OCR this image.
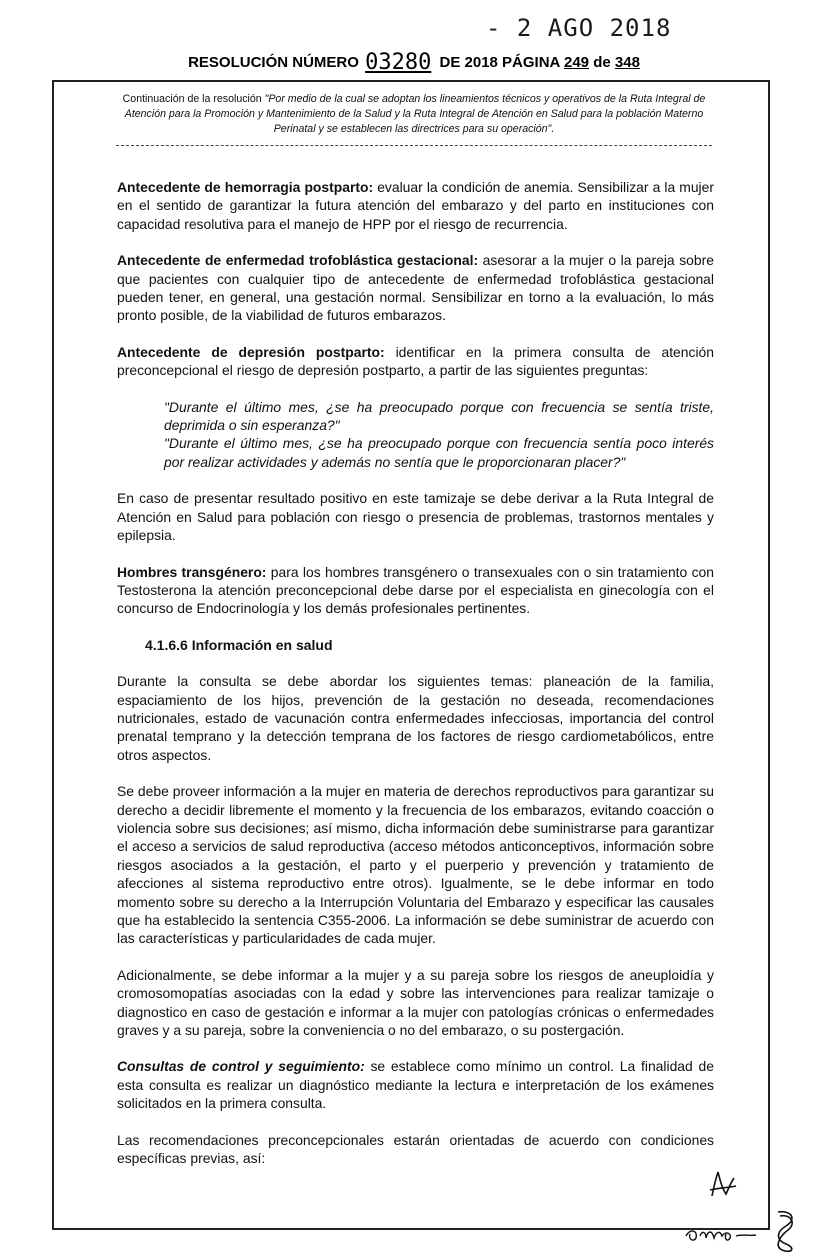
- 2 AGO 2018
RESOLUCIÓN NÚMERO 03280 DE 2018 PÁGINA 249 de 348
Continuación de la resolución "Por medio de la cual se adoptan los lineamientos técnicos y operativos de la Ruta Integral de Atención para la Promoción y Mantenimiento de la Salud y la Ruta Integral de Atención en Salud para la población Materno Perinatal y se establecen las directrices para su operación".

Antecedente de hemorragia postparto: evaluar la condición de anemia. Sensibilizar a la mujer en el sentido de garantizar la futura atención del embarazo y del parto en instituciones con capacidad resolutiva para el manejo de HPP por el riesgo de recurrencia.

Antecedente de enfermedad trofoblástica gestacional: asesorar a la mujer o la pareja sobre que pacientes con cualquier tipo de antecedente de enfermedad trofoblástica gestacional pueden tener, en general, una gestación normal. Sensibilizar en torno a la evaluación, lo más pronto posible, de la viabilidad de futuros embarazos.

Antecedente de depresión postparto: identificar en la primera consulta de atención preconcepcional el riesgo de depresión postparto, a partir de las siguientes preguntas:

"Durante el último mes, ¿se ha preocupado porque con frecuencia se sentía triste, deprimida o sin esperanza?"
"Durante el último mes, ¿se ha preocupado porque con frecuencia sentía poco interés por realizar actividades y además no sentía que le proporcionaran placer?"

En caso de presentar resultado positivo en este tamizaje se debe derivar a la Ruta Integral de Atención en Salud para población con riesgo o presencia de problemas, trastornos mentales y epilepsia.

Hombres transgénero: para los hombres transgénero o transexuales con o sin tratamiento con Testosterona la atención preconcepcional debe darse por el especialista en ginecología con el concurso de Endocrinología y los demás profesionales pertinentes.

4.1.6.6 Información en salud

Durante la consulta se debe abordar los siguientes temas: planeación de la familia, espaciamiento de los hijos, prevención de la gestación no deseada, recomendaciones nutricionales, estado de vacunación contra enfermedades infecciosas, importancia del control prenatal temprano y la detección temprana de los factores de riesgo cardiometabólicos, entre otros aspectos.

Se debe proveer información a la mujer en materia de derechos reproductivos para garantizar su derecho a decidir libremente el momento y la frecuencia de los embarazos, evitando coacción o violencia sobre sus decisiones; así mismo, dicha información debe suministrarse para garantizar el acceso a servicios de salud reproductiva (acceso métodos anticonceptivos, información sobre riesgos asociados a la gestación, el parto y el puerperio y prevención y tratamiento de afecciones al sistema reproductivo entre otros). Igualmente, se le debe informar en todo momento sobre su derecho a la Interrupción Voluntaria del Embarazo y especificar las causales que ha establecido la sentencia C355-2006. La información se debe suministrar de acuerdo con las características y particularidades de cada mujer.

Adicionalmente, se debe informar a la mujer y a su pareja sobre los riesgos de aneuploidía y cromosomopatías asociadas con la edad y sobre las intervenciones para realizar tamizaje o diagnostico en caso de gestación e informar a la mujer con patologías crónicas o enfermedades graves y a su pareja, sobre la conveniencia o no del embarazo, o su postergación.

Consultas de control y seguimiento: se establece como mínimo un control. La finalidad de esta consulta es realizar un diagnóstico mediante la lectura e interpretación de los exámenes solicitados en la primera consulta.

Las recomendaciones preconcepcionales estarán orientadas de acuerdo con condiciones específicas previas, así:
